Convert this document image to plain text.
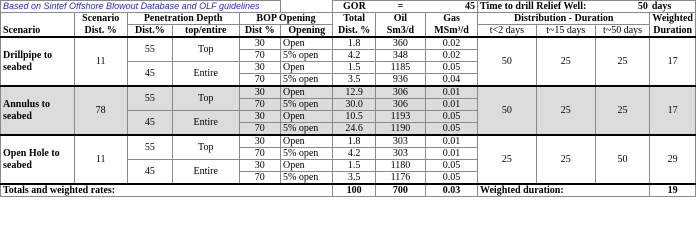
Based on Sintef Offshore Blowout Database and OLF guidelines						GOR	=	45	Time to drill Relief Well:		50	days
	Scenario	Penetration Depth		BOP Opening		Total	Oil	Gas	Distribution - Duration			Weighted
Scenario	Dist. %	Dist.%	top/entire	Dist %	Opening	Dist. %	Sm3/d	MSm³/d	t<2 days	t~15 days	t~50 days	Duration
Drillpipe to seabed	11	55	Top	30	Open	1.8	360	0.02	50	25	25	17
				70	5% open	4.2	348	0.02				
		45	Entire	30	Open	1.5	1185	0.05				
				70	5% open	3.5	936	0.04				
Annulus to seabed	78	55	Top	30	Open	12.9	306	0.01	50	25	25	17
				70	5% open	30.0	306	0.01				
		45	Entire	30	Open	10.5	1193	0.05				
				70	5% open	24.6	1190	0.05				
Open Hole to seabed	11	55	Top	30	Open	1.8	303	0.01	25	25	50	29
				70	5% open	4.2	303	0.01				
		45	Entire	30	Open	1.5	1180	0.05				
				70	5% open	3.5	1176	0.05				
Totals and weighted rates:						100	700	0.03	Weighted duration:			19
